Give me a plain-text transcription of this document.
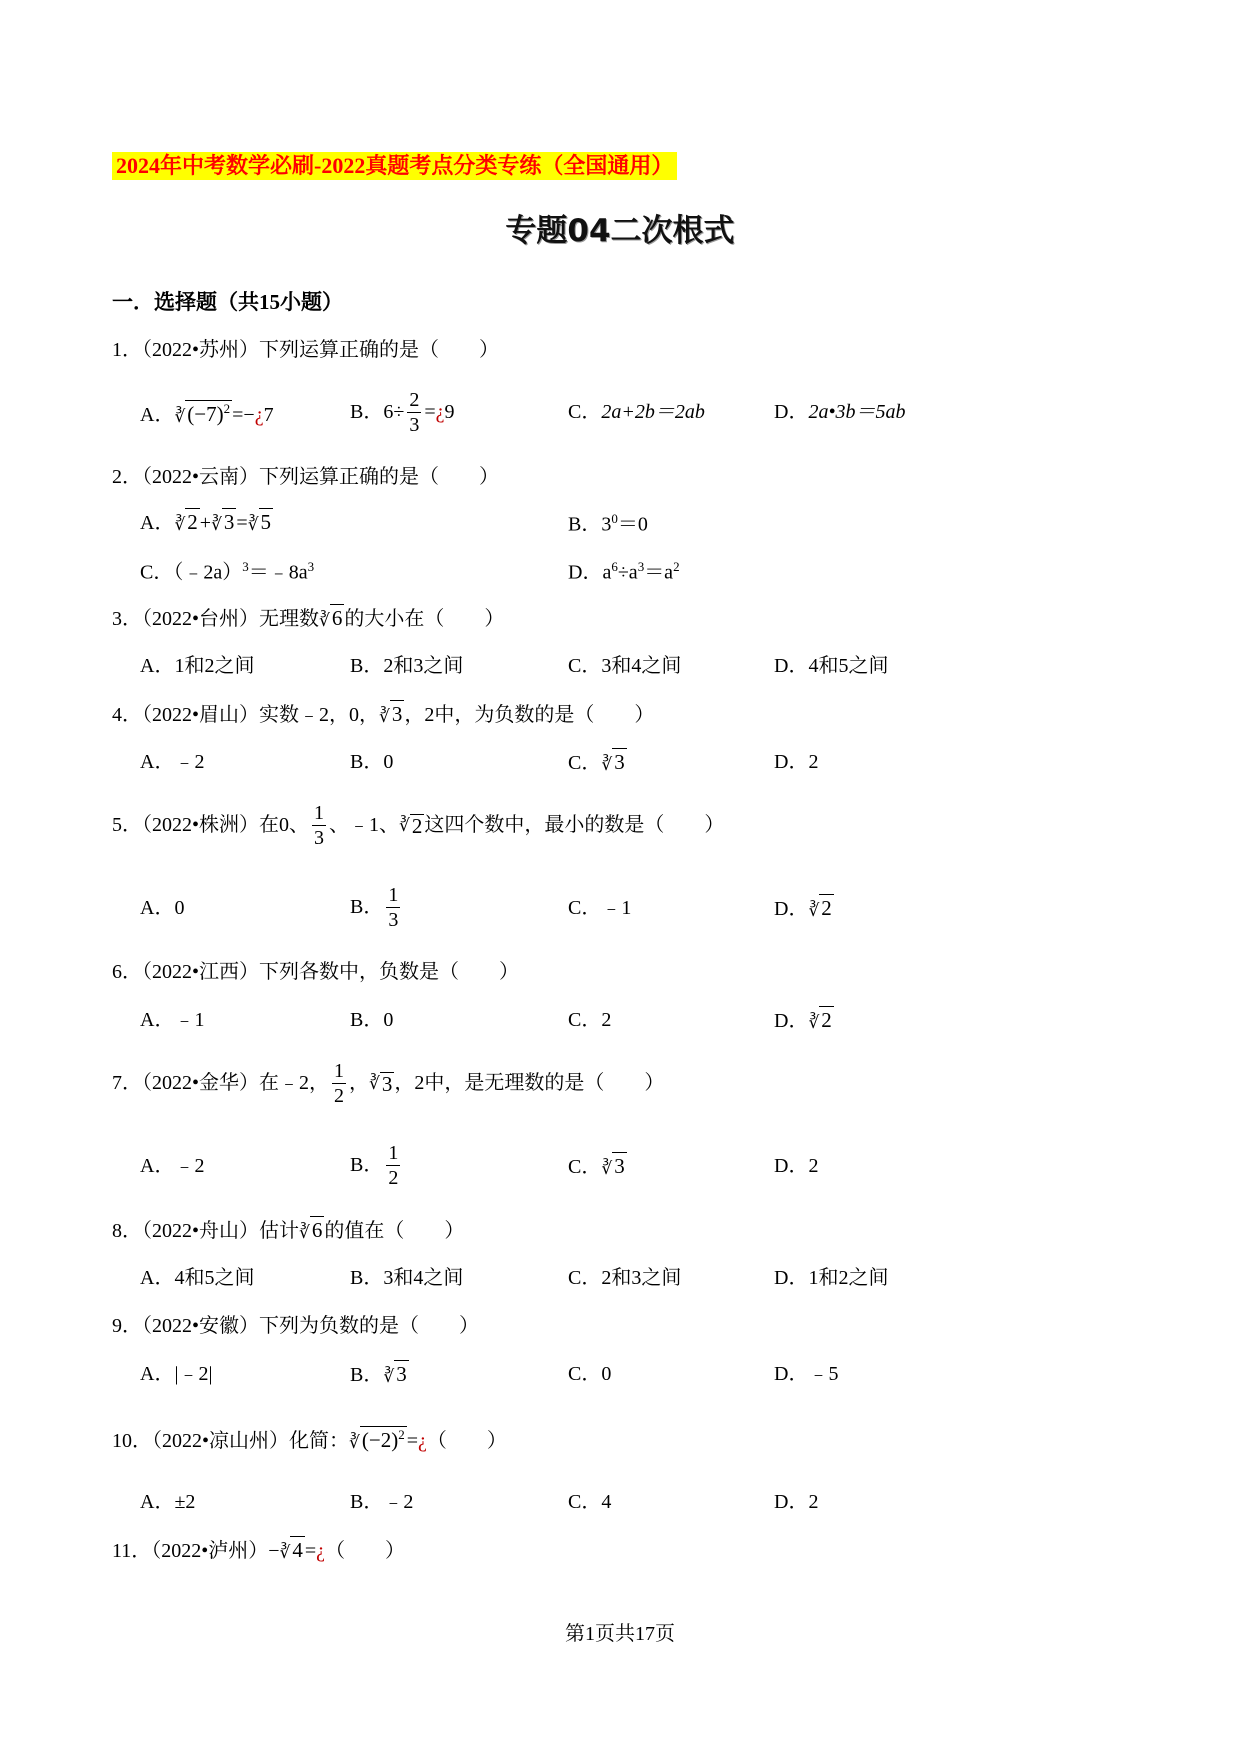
2024年中考数学必刷-2022真题考点分类专练（全国通用）
专题04二次根式
一．选择题（共15小题）
1．（2022•苏州）下列运算正确的是（　　）
A．$∛(-7)^2$ =−¿7	B．$6\div \frac{2}{3}$ = ¿ 9	C．2a+2b＝2ab	D．2a•3b＝5ab
2．（2022•云南）下列运算正确的是（　　）
A．∛2 +∛3 =∛5	B．$3^0=0$
C．$(﹣2a)^3=﹣8a^3$	D．$a^6\div a^3=a^2$
3．（2022•台州）无理数∛6 的大小在（　　）
A．1和2之间	B．2和3之间	C．3和4之间	D．4和5之间
4．（2022•眉山）实数﹣2，0，∛3 ，2中，为负数的是（　　）
A．﹣2	B．0	C．∛3	D．2
5．（2022•株洲）在0、 $\frac{1}{3}$ 、﹣1、 ∛ 2 这四个数中，最小的数是（　　）
A．0	B． $\frac{1}{3}$	C．﹣1	D．∛2
6．（2022•江西）下列各数中，负数是（　　）
A．﹣1	B．0	C．2	D．∛2
7．（2022•金华）在﹣2， $\frac{1}{2}$ ， ∛ 3 ，2中，是无理数的是（　　）
A．﹣2	B． $\frac{1}{2}$	C．∛3	D．2
8．（2022•舟山）估计∛6 的值在（　　）
A．4和5之间	B．3和4之间	C．2和3之间	D．1和2之间
9．（2022•安徽）下列为负数的是（　　）
A．|﹣2|	B．∛3	C．0	D．﹣5
10．（2022•凉山州）化简：$∛(-2)^2$ =¿（　　）
A．±2	B．﹣2	C．4	D．2
11．（2022•泸州）−∛4 =¿（　　）
第1页共17页
